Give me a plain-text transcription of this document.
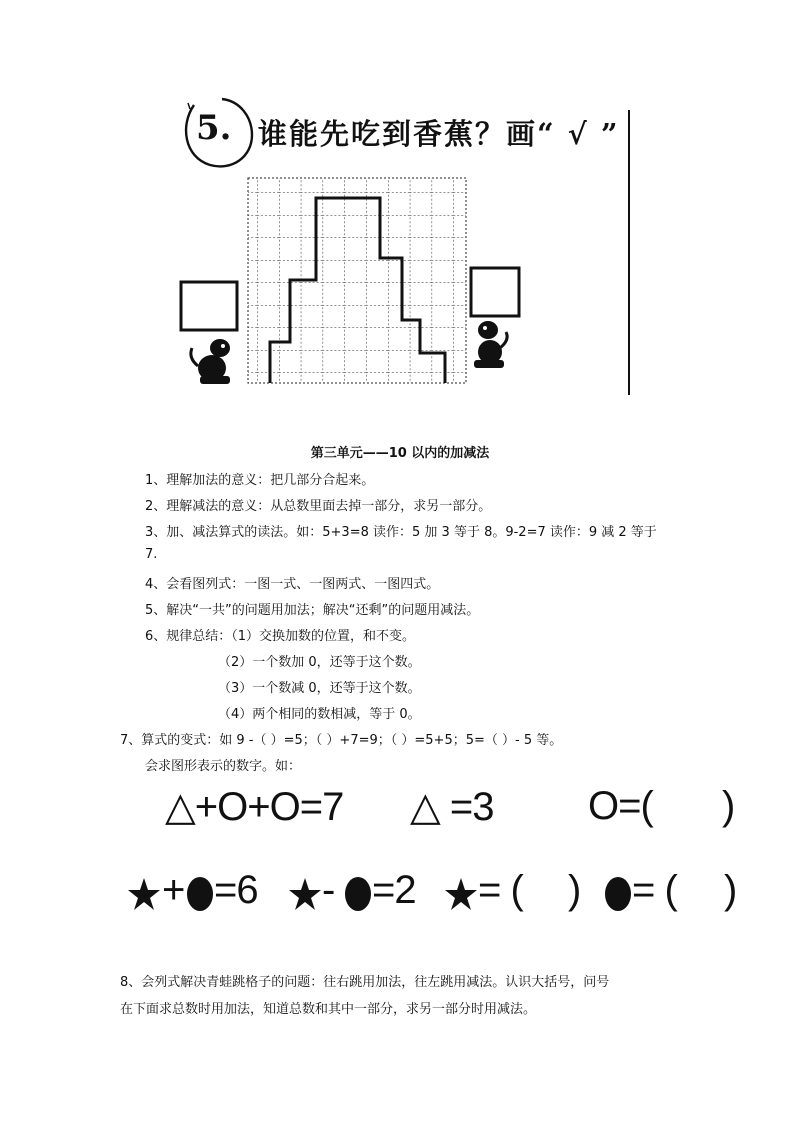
5. 谁能先吃到香蕉？画“ √ ”
第三单元——10 以内的加减法
1、理解加法的意义：把几部分合起来。
2、理解减法的意义：从总数里面去掉一部分，求另一部分。
3、加、减法算式的读法。如：5+3=8 读作：5 加 3 等于 8。9-2=7 读作：9 减 2 等于
7.
4、会看图列式：一图一式、一图两式、一图四式。
5、解决“一共”的问题用加法；解决“还剩”的问题用减法。
6、规律总结：（1）交换加数的位置，和不变。
（2）一个数加 0，还等于这个数。
（3）一个数减 0，还等于这个数。
（4）两个相同的数相减，等于 0。
7、算式的变式：如 9 -（ ）=5；（ ）+7=9；（ ）=5+5；5=（ ）- 5 等。
会求图形表示的数字。如：
△+O+O=7 △ =3 O=( )
+ =6 - =2 = ( ) = ( )
8、会列式解决青蛙跳格子的问题：往右跳用加法，往左跳用减法。认识大括号，问号
在下面求总数时用加法，知道总数和其中一部分，求另一部分时用减法。
